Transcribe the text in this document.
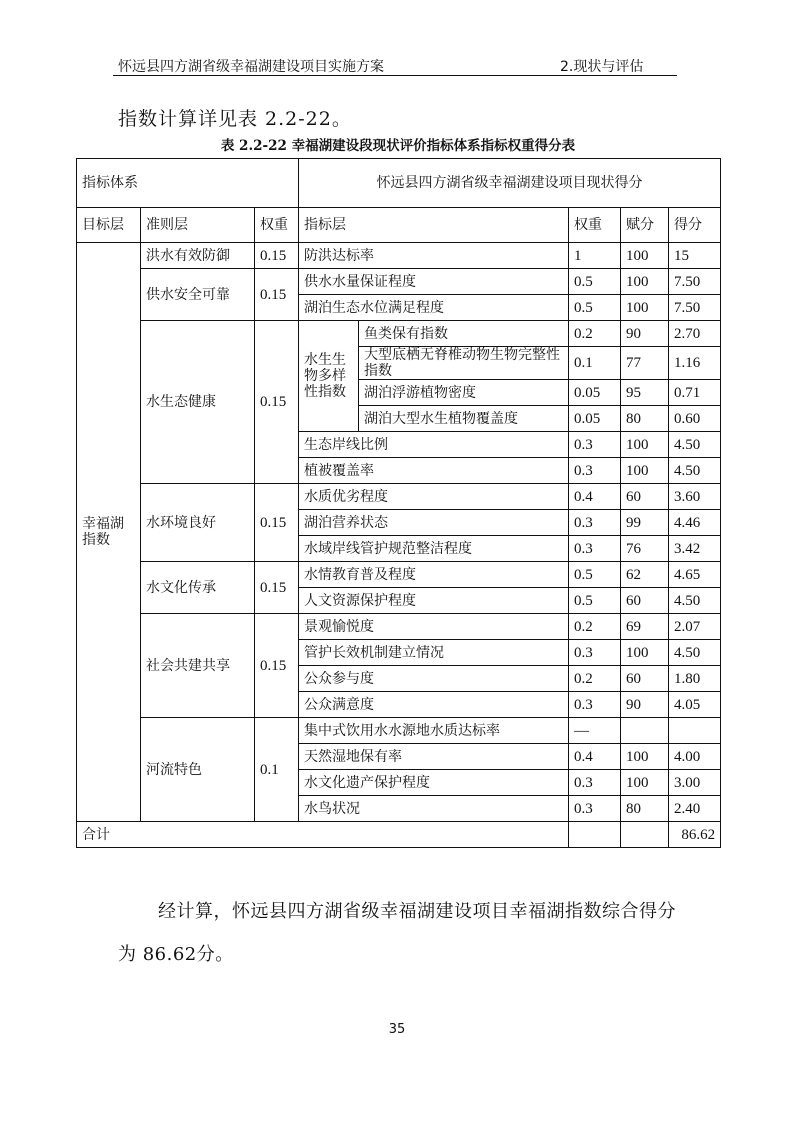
怀远县四方湖省级幸福湖建设项目实施方案	2.现状与评估
指数计算详见表 2.2-22。
表 2.2-22 幸福湖建设段现状评价指标体系指标权重得分表
指标体系			怀远县四方湖省级幸福湖建设项目现状得分				
目标层	准则层	权重	指标层		权重	赋分	得分
幸福湖指数	洪水有效防御	0.15	防洪达标率		1	100	15
	供水安全可靠	0.15	供水水量保证程度		0.5	100	7.50
			湖泊生态水位满足程度		0.5	100	7.50
	水生态健康	0.15	水生生物多样性指数	鱼类保有指数	0.2	90	2.70
				大型底栖无脊椎动物生物完整性指数	0.1	77	1.16
				湖泊浮游植物密度	0.05	95	0.71
				湖泊大型水生植物覆盖度	0.05	80	0.60
			生态岸线比例		0.3	100	4.50
			植被覆盖率		0.3	100	4.50
	水环境良好	0.15	水质优劣程度		0.4	60	3.60
			湖泊营养状态		0.3	99	4.46
			水域岸线管护规范整洁程度		0.3	76	3.42
	水文化传承	0.15	水情教育普及程度		0.5	62	4.65
			人文资源保护程度		0.5	60	4.50
	社会共建共享	0.15	景观愉悦度		0.2	69	2.07
			管护长效机制建立情况		0.3	100	4.50
			公众参与度		0.2	60	1.80
			公众满意度		0.3	90	4.05
	河流特色	0.1	集中式饮用水水源地水质达标率		—		
			天然湿地保有率		0.4	100	4.00
			水文化遗产保护程度		0.3	100	3.00
			水鸟状况		0.3	80	2.40
合计							86.62
经计算，怀远县四方湖省级幸福湖建设项目幸福湖指数综合得分
为 86.62分。
35
